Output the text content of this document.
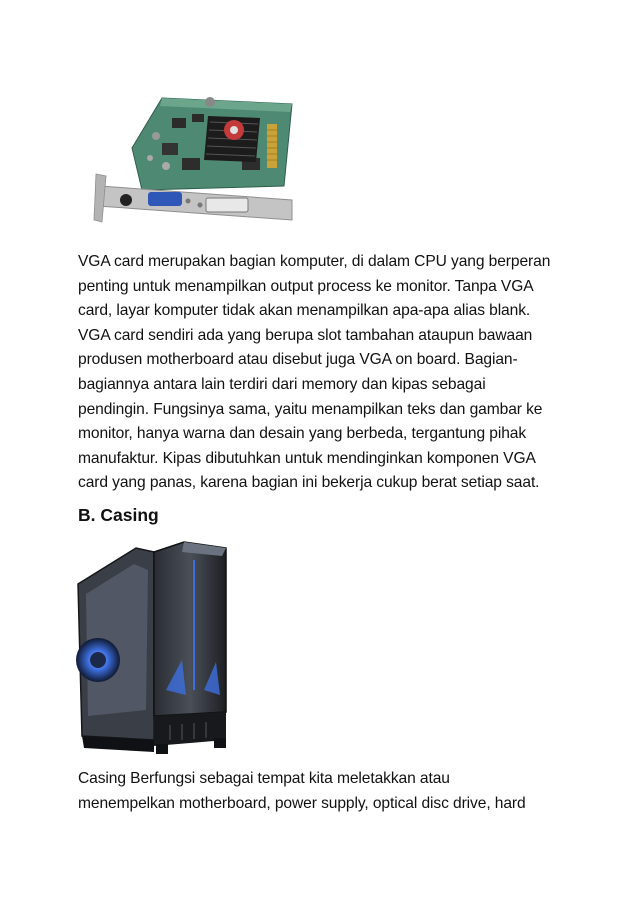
VGA card merupakan bagian komputer, di dalam CPU yang berperan
penting untuk menampilkan output process ke monitor. Tanpa VGA
card, layar komputer tidak akan menampilkan apa-apa alias blank.
VGA card sendiri ada yang berupa slot tambahan ataupun bawaan
produsen motherboard atau disebut juga VGA on board. Bagian-
bagiannya antara lain terdiri dari memory dan kipas sebagai
pendingin. Fungsinya sama, yaitu menampilkan teks dan gambar ke
monitor, hanya warna dan desain yang berbeda, tergantung pihak
manufaktur. Kipas dibutuhkan untuk mendinginkan komponen VGA
card yang panas, karena bagian ini bekerja cukup berat setiap saat.

B. Casing

Casing Berfungsi sebagai tempat kita meletakkan atau
menempelkan motherboard, power supply, optical disc drive, hard
